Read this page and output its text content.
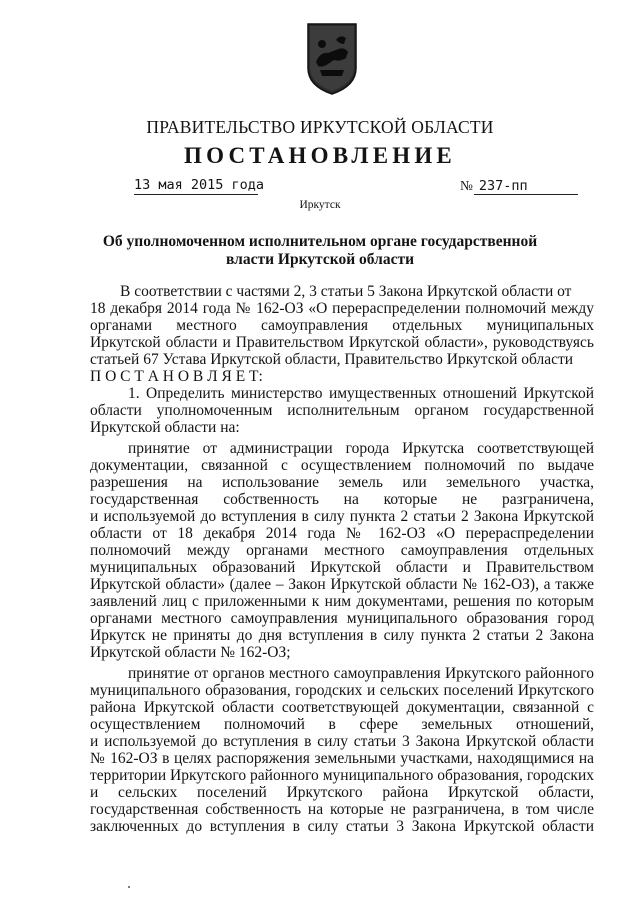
ПРАВИТЕЛЬСТВО ИРКУТСКОЙ ОБЛАСТИ
ПОСТАНОВЛЕНИЕ
13 мая 2015 года	№ 237-пп
Иркутск
Об уполномоченном исполнительном органе государственной
власти Иркутской области
В соответствии с частями 2, 3 статьи 5 Закона Иркутской области от
18 декабря 2014 года № 162-ОЗ «О перераспределении полномочий между
органами местного самоуправления отдельных муниципальных
Иркутской области и Правительством Иркутской области», руководствуясь
статьей 67 Устава Иркутской области, Правительство Иркутской области
П О С Т А Н О В Л Я Е Т:
1. Определить министерство имущественных отношений Иркутской
области уполномоченным исполнительным органом государственной
Иркутской области на:
принятие от администрации города Иркутска соответствующей
документации, связанной с осуществлением полномочий по выдаче
разрешения на использование земель или земельного участка,
государственная собственность на которые не разграничена,
и используемой до вступления в силу пункта 2 статьи 2 Закона Иркутской
области от 18 декабря 2014 года № 162-ОЗ «О перераспределении
полномочий между органами местного самоуправления отдельных
муниципальных образований Иркутской области и Правительством
Иркутской области» (далее – Закон Иркутской области № 162-ОЗ), а также
заявлений лиц с приложенными к ним документами, решения по которым
органами местного самоуправления муниципального образования город
Иркутск не приняты до дня вступления в силу пункта 2 статьи 2 Закона
Иркутской области № 162-ОЗ;
принятие от органов местного самоуправления Иркутского районного
муниципального образования, городских и сельских поселений Иркутского
района Иркутской области соответствующей документации, связанной с
осуществлением полномочий в сфере земельных отношений,
и используемой до вступления в силу статьи 3 Закона Иркутской области
№ 162-ОЗ в целях распоряжения земельными участками, находящимися на
территории Иркутского районного муниципального образования, городских
и сельских поселений Иркутского района Иркутской области,
государственная собственность на которые не разграничена, в том числе
заключенных до вступления в силу статьи 3 Закона Иркутской области
